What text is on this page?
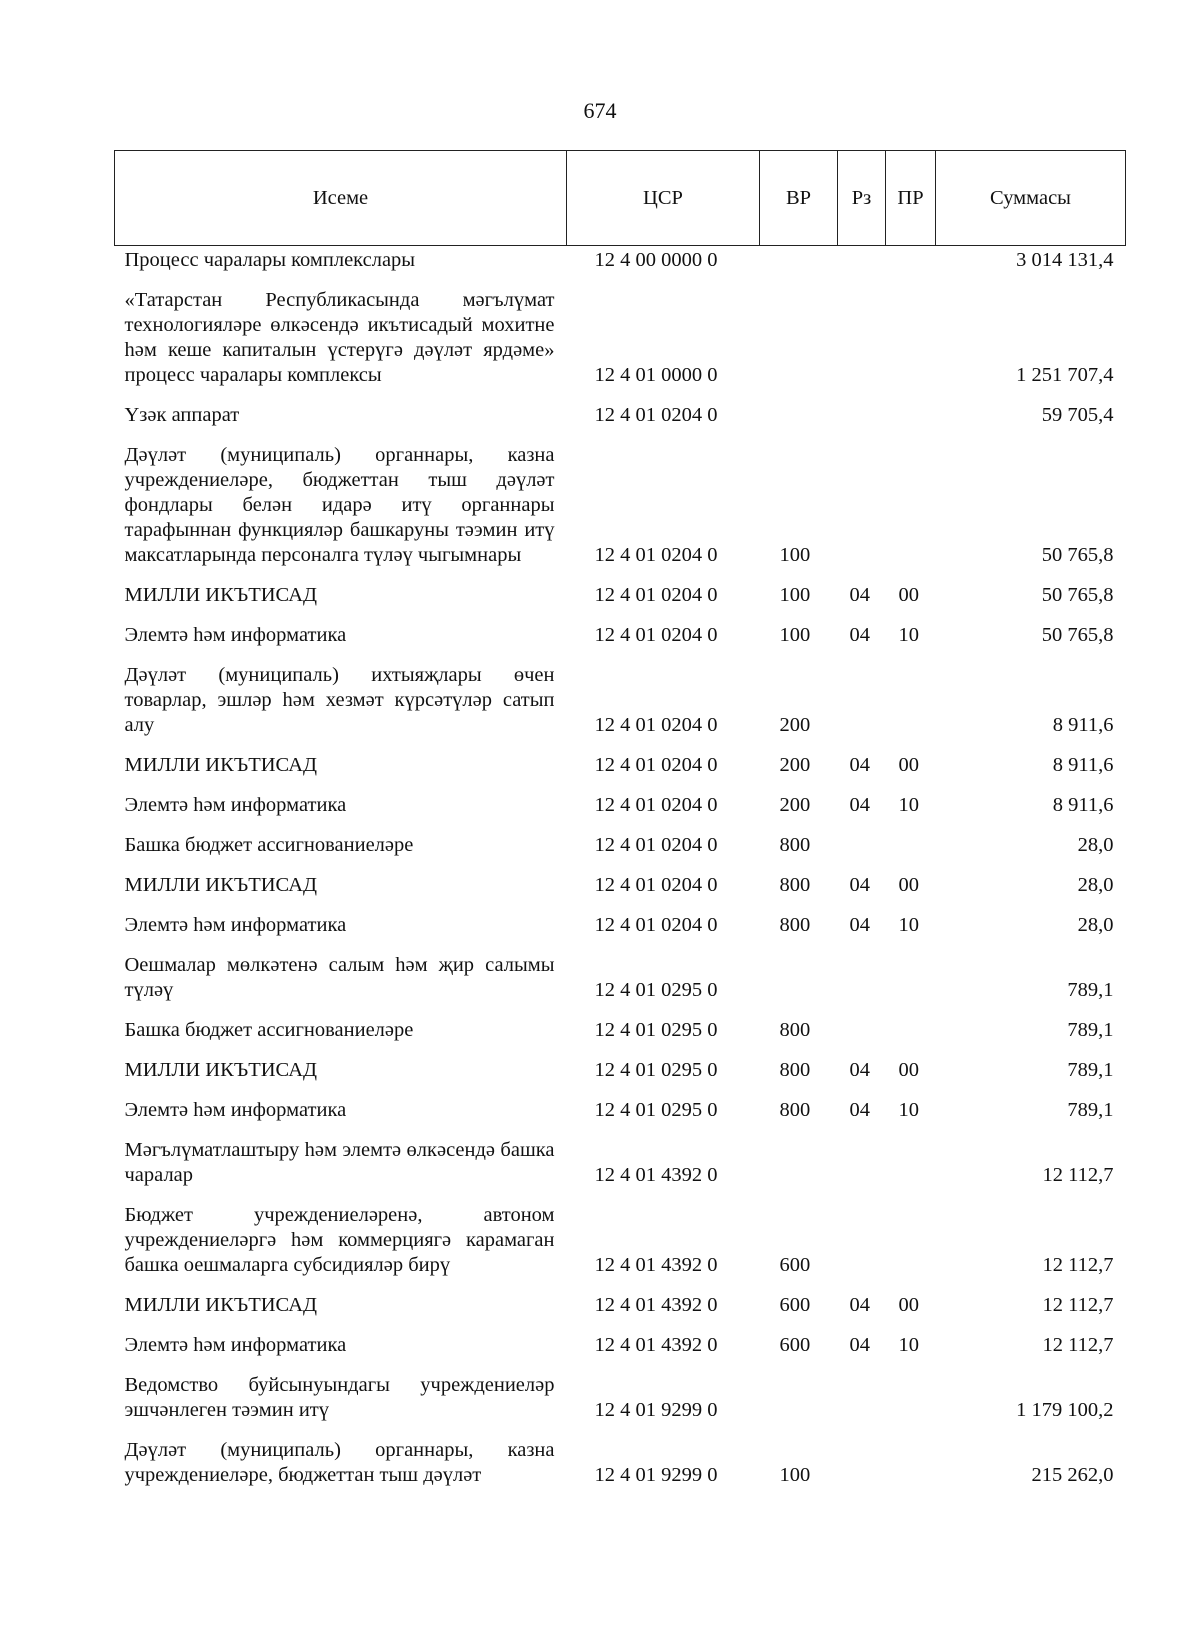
674
Исеме	ЦСР	ВР	Рз	ПР	Суммасы
Процесс чаралары комплекслары	12 4 00 0000 0				3 014 131,4
«Татарстан Республикасында мәгълүмат технологияләре өлкәсендә икътисадый мохитне һәм кеше капиталын үстерүгә дәүләт ярдәме» процесс чаралары комплексы	12 4 01 0000 0				1 251 707,4
Үзәк аппарат	12 4 01 0204 0				59 705,4
Дәүләт (муниципаль) органнары, казна учреждениеләре, бюджеттан тыш дәүләт фондлары белән идарә итү органнары тарафыннан функцияләр башкаруны тәэмин итү максатларында персоналга түләү чыгымнары	12 4 01 0204 0	100			50 765,8
МИЛЛИ ИКЪТИСАД	12 4 01 0204 0	100	04	00	50 765,8
Элемтә һәм информатика	12 4 01 0204 0	100	04	10	50 765,8
Дәүләт (муниципаль) ихтыяҗлары өчен товарлар, эшләр һәм хезмәт күрсәтүләр сатып алу	12 4 01 0204 0	200			8 911,6
МИЛЛИ ИКЪТИСАД	12 4 01 0204 0	200	04	00	8 911,6
Элемтә һәм информатика	12 4 01 0204 0	200	04	10	8 911,6
Башка бюджет ассигнованиеләре	12 4 01 0204 0	800			28,0
МИЛЛИ ИКЪТИСАД	12 4 01 0204 0	800	04	00	28,0
Элемтә һәм информатика	12 4 01 0204 0	800	04	10	28,0
Оешмалар мөлкәтенә салым һәм җир салымы түләү	12 4 01 0295 0				789,1
Башка бюджет ассигнованиеләре	12 4 01 0295 0	800			789,1
МИЛЛИ ИКЪТИСАД	12 4 01 0295 0	800	04	00	789,1
Элемтә һәм информатика	12 4 01 0295 0	800	04	10	789,1
Мәгълүматлаштыру һәм элемтә өлкәсендә башка чаралар	12 4 01 4392 0				12 112,7
Бюджет учреждениеләренә, автоном учреждениеләргә һәм коммерциягә карамаган башка оешмаларга субсидияләр бирү	12 4 01 4392 0	600			12 112,7
МИЛЛИ ИКЪТИСАД	12 4 01 4392 0	600	04	00	12 112,7
Элемтә һәм информатика	12 4 01 4392 0	600	04	10	12 112,7
Ведомство буйсынуындагы учреждениеләр эшчәнлеген тәэмин итү	12 4 01 9299 0				1 179 100,2
Дәүләт (муниципаль) органнары, казна учреждениеләре, бюджеттан тыш дәүләт	12 4 01 9299 0	100			215 262,0
